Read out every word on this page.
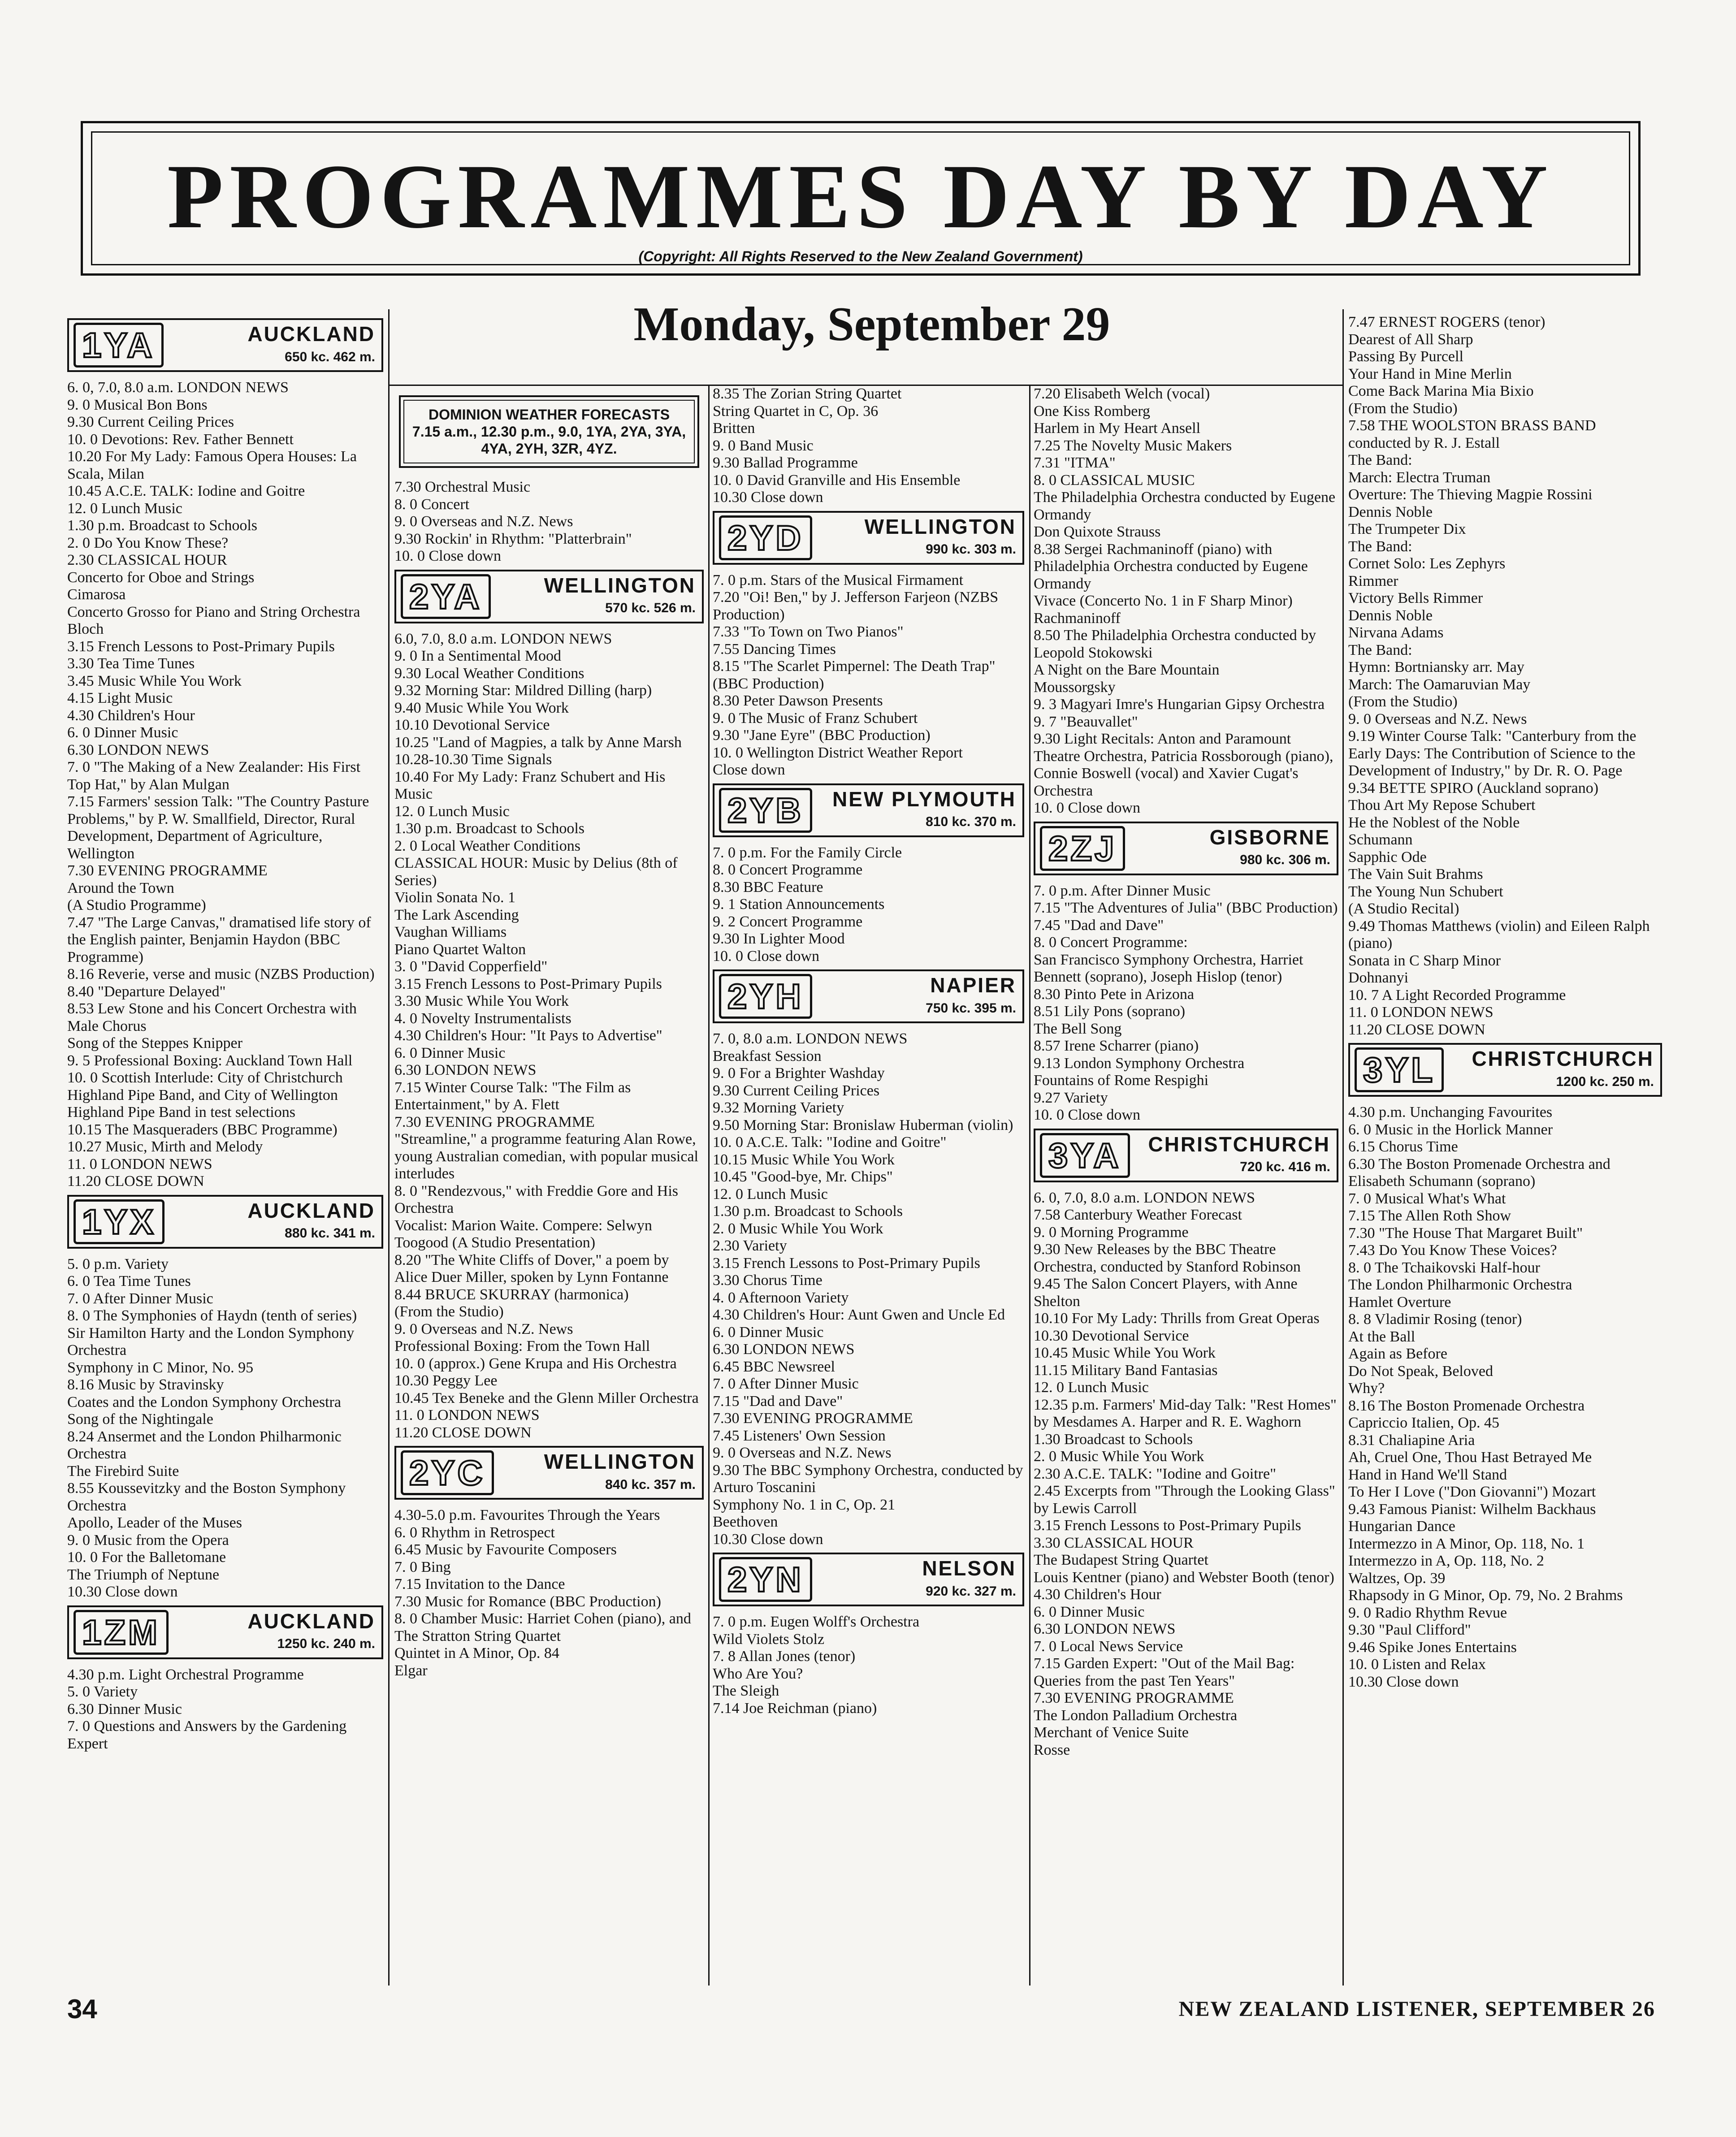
PROGRAMMES DAY BY DAY
(Copyright: All Rights Reserved to the New Zealand Government)
Monday, September 29
1YA	AUCKLAND
650 kc. 462 m.
6. 0, 7.0, 8.0 a.m. LONDON NEWS
9. 0 Musical Bon Bons
9.30 Current Ceiling Prices
10. 0 Devotions: Rev. Father Bennett
10.20 For My Lady: Famous Opera Houses: La Scala, Milan
10.45 A.C.E. TALK: Iodine and Goitre
12. 0 Lunch Music
1.30 p.m. Broadcast to Schools
2. 0 Do You Know These?
2.30 CLASSICAL HOUR
Concerto for Oboe and Strings
Cimarosa
Concerto Grosso for Piano and String Orchestra Bloch
3.15 French Lessons to Post-Primary Pupils
3.30 Tea Time Tunes
3.45 Music While You Work
4.15 Light Music
4.30 Children's Hour
6. 0 Dinner Music
6.30 LONDON NEWS
7. 0 "The Making of a New Zealander: His First Top Hat," by Alan Mulgan
7.15 Farmers' session Talk: "The Country Pasture Problems," by P. W. Smallfield, Director, Rural Development, Department of Agriculture, Wellington
7.30 EVENING PROGRAMME
Around the Town
(A Studio Programme)
7.47 "The Large Canvas," dramatised life story of the English painter, Benjamin Haydon (BBC Programme)
8.16 Reverie, verse and music (NZBS Production)
8.40 "Departure Delayed"
8.53 Lew Stone and his Concert Orchestra with Male Chorus
Song of the Steppes Knipper
9. 5 Professional Boxing: Auckland Town Hall
10. 0 Scottish Interlude: City of Christchurch Highland Pipe Band, and City of Wellington Highland Pipe Band in test selections
10.15 The Masqueraders (BBC Programme)
10.27 Music, Mirth and Melody
11. 0 LONDON NEWS
11.20 CLOSE DOWN
1YX	AUCKLAND
880 kc. 341 m.
5. 0 p.m. Variety
6. 0 Tea Time Tunes
7. 0 After Dinner Music
8. 0 The Symphonies of Haydn (tenth of series)
Sir Hamilton Harty and the London Symphony Orchestra
Symphony in C Minor, No. 95
8.16 Music by Stravinsky
Coates and the London Symphony Orchestra
Song of the Nightingale
8.24 Ansermet and the London Philharmonic Orchestra
The Firebird Suite
8.55 Koussevitzky and the Boston Symphony Orchestra
Apollo, Leader of the Muses
9. 0 Music from the Opera
10. 0 For the Balletomane
The Triumph of Neptune
10.30 Close down
1ZM	AUCKLAND
1250 kc. 240 m.
4.30 p.m. Light Orchestral Programme
5. 0 Variety
6.30 Dinner Music
7. 0 Questions and Answers by the Gardening Expert
DOMINION WEATHER FORECASTS
7.15 a.m., 12.30 p.m., 9.0, 1YA, 2YA, 3YA, 4YA, 2YH, 3ZR, 4YZ.
7.30 Orchestral Music
8. 0 Concert
9. 0 Overseas and N.Z. News
9.30 Rockin' in Rhythm: "Platterbrain"
10. 0 Close down
2YA	WELLINGTON
570 kc. 526 m.
6.0, 7.0, 8.0 a.m. LONDON NEWS
9. 0 In a Sentimental Mood
9.30 Local Weather Conditions
9.32 Morning Star: Mildred Dilling (harp)
9.40 Music While You Work
10.10 Devotional Service
10.25 "Land of Magpies, a talk by Anne Marsh
10.28-10.30 Time Signals
10.40 For My Lady: Franz Schubert and His Music
12. 0 Lunch Music
1.30 p.m. Broadcast to Schools
2. 0 Local Weather Conditions
CLASSICAL HOUR: Music by Delius (8th of Series)
Violin Sonata No. 1
The Lark Ascending
Vaughan Williams
Piano Quartet Walton
3. 0 "David Copperfield"
3.15 French Lessons to Post-Primary Pupils
3.30 Music While You Work
4. 0 Novelty Instrumentalists
4.30 Children's Hour: "It Pays to Advertise"
6. 0 Dinner Music
6.30 LONDON NEWS
7.15 Winter Course Talk: "The Film as Entertainment," by A. Flett
7.30 EVENING PROGRAMME
"Streamline," a programme featuring Alan Rowe, young Australian comedian, with popular musical interludes
8. 0 "Rendezvous," with Freddie Gore and His Orchestra
Vocalist: Marion Waite. Compere: Selwyn Toogood (A Studio Presentation)
8.20 "The White Cliffs of Dover," a poem by Alice Duer Miller, spoken by Lynn Fontanne
8.44 BRUCE SKURRAY (harmonica)
(From the Studio)
9. 0 Overseas and N.Z. News
Professional Boxing: From the Town Hall
10. 0 (approx.) Gene Krupa and His Orchestra
10.30 Peggy Lee
10.45 Tex Beneke and the Glenn Miller Orchestra
11. 0 LONDON NEWS
11.20 CLOSE DOWN
2YC	WELLINGTON
840 kc. 357 m.
4.30-5.0 p.m. Favourites Through the Years
6. 0 Rhythm in Retrospect
6.45 Music by Favourite Composers
7. 0 Bing
7.15 Invitation to the Dance
7.30 Music for Romance (BBC Production)
8. 0 Chamber Music: Harriet Cohen (piano), and The Stratton String Quartet
Quintet in A Minor, Op. 84
Elgar
8.35 The Zorian String Quartet
String Quartet in C, Op. 36
Britten
9. 0 Band Music
9.30 Ballad Programme
10. 0 David Granville and His Ensemble
10.30 Close down
2YD	WELLINGTON
990 kc. 303 m.
7. 0 p.m. Stars of the Musical Firmament
7.20 "Oi! Ben," by J. Jefferson Farjeon (NZBS Production)
7.33 "To Town on Two Pianos"
7.55 Dancing Times
8.15 "The Scarlet Pimpernel: The Death Trap" (BBC Production)
8.30 Peter Dawson Presents
9. 0 The Music of Franz Schubert
9.30 "Jane Eyre" (BBC Production)
10. 0 Wellington District Weather Report
Close down
2YB	NEW PLYMOUTH
810 kc. 370 m.
7. 0 p.m. For the Family Circle
8. 0 Concert Programme
8.30 BBC Feature
9. 1 Station Announcements
9. 2 Concert Programme
9.30 In Lighter Mood
10. 0 Close down
2YH	NAPIER
750 kc. 395 m.
7. 0, 8.0 a.m. LONDON NEWS
Breakfast Session
9. 0 For a Brighter Washday
9.30 Current Ceiling Prices
9.32 Morning Variety
9.50 Morning Star: Bronislaw Huberman (violin)
10. 0 A.C.E. Talk: "Iodine and Goitre"
10.15 Music While You Work
10.45 "Good-bye, Mr. Chips"
12. 0 Lunch Music
1.30 p.m. Broadcast to Schools
2. 0 Music While You Work
2.30 Variety
3.15 French Lessons to Post-Primary Pupils
3.30 Chorus Time
4. 0 Afternoon Variety
4.30 Children's Hour: Aunt Gwen and Uncle Ed
6. 0 Dinner Music
6.30 LONDON NEWS
6.45 BBC Newsreel
7. 0 After Dinner Music
7.15 "Dad and Dave"
7.30 EVENING PROGRAMME
7.45 Listeners' Own Session
9. 0 Overseas and N.Z. News
9.30 The BBC Symphony Orchestra, conducted by Arturo Toscanini
Symphony No. 1 in C, Op. 21
Beethoven
10.30 Close down
2YN	NELSON
920 kc. 327 m.
7. 0 p.m. Eugen Wolff's Orchestra
Wild Violets Stolz
7. 8 Allan Jones (tenor)
Who Are You?
The Sleigh
7.14 Joe Reichman (piano)
7.20 Elisabeth Welch (vocal)
One Kiss Romberg
Harlem in My Heart Ansell
7.25 The Novelty Music Makers
7.31 "ITMA"
8. 0 CLASSICAL MUSIC
The Philadelphia Orchestra conducted by Eugene Ormandy
Don Quixote Strauss
8.38 Sergei Rachmaninoff (piano) with Philadelphia Orchestra conducted by Eugene Ormandy
Vivace (Concerto No. 1 in F Sharp Minor) Rachmaninoff
8.50 The Philadelphia Orchestra conducted by Leopold Stokowski
A Night on the Bare Mountain
Moussorgsky
9. 3 Magyari Imre's Hungarian Gipsy Orchestra
9. 7 "Beauvallet"
9.30 Light Recitals: Anton and Paramount Theatre Orchestra, Patricia Rossborough (piano), Connie Boswell (vocal) and Xavier Cugat's Orchestra
10. 0 Close down
2ZJ	GISBORNE
980 kc. 306 m.
7. 0 p.m. After Dinner Music
7.15 "The Adventures of Julia" (BBC Production)
7.45 "Dad and Dave"
8. 0 Concert Programme:
San Francisco Symphony Orchestra, Harriet Bennett (soprano), Joseph Hislop (tenor)
8.30 Pinto Pete in Arizona
8.51 Lily Pons (soprano)
The Bell Song
8.57 Irene Scharrer (piano)
9.13 London Symphony Orchestra
Fountains of Rome Respighi
9.27 Variety
10. 0 Close down
3YA	CHRISTCHURCH
720 kc. 416 m.
6. 0, 7.0, 8.0 a.m. LONDON NEWS
7.58 Canterbury Weather Forecast
9. 0 Morning Programme
9.30 New Releases by the BBC Theatre Orchestra, conducted by Stanford Robinson
9.45 The Salon Concert Players, with Anne Shelton
10.10 For My Lady: Thrills from Great Operas
10.30 Devotional Service
10.45 Music While You Work
11.15 Military Band Fantasias
12. 0 Lunch Music
12.35 p.m. Farmers' Mid-day Talk: "Rest Homes" by Mesdames A. Harper and R. E. Waghorn
1.30 Broadcast to Schools
2. 0 Music While You Work
2.30 A.C.E. TALK: "Iodine and Goitre"
2.45 Excerpts from "Through the Looking Glass" by Lewis Carroll
3.15 French Lessons to Post-Primary Pupils
3.30 CLASSICAL HOUR
The Budapest String Quartet
Louis Kentner (piano) and Webster Booth (tenor)
4.30 Children's Hour
6. 0 Dinner Music
6.30 LONDON NEWS
7. 0 Local News Service
7.15 Garden Expert: "Out of the Mail Bag: Queries from the past Ten Years"
7.30 EVENING PROGRAMME
The London Palladium Orchestra
Merchant of Venice Suite
Rosse
7.47 ERNEST ROGERS (tenor)
Dearest of All Sharp
Passing By Purcell
Your Hand in Mine Merlin
Come Back Marina Mia Bixio
(From the Studio)
7.58 THE WOOLSTON BRASS BAND conducted by R. J. Estall
The Band:
March: Electra Truman
Overture: The Thieving Magpie Rossini
Dennis Noble
The Trumpeter Dix
The Band:
Cornet Solo: Les Zephyrs
Rimmer
Victory Bells Rimmer
Dennis Noble
Nirvana Adams
The Band:
Hymn: Bortniansky arr. May
March: The Oamaruvian May
(From the Studio)
9. 0 Overseas and N.Z. News
9.19 Winter Course Talk: "Canterbury from the Early Days: The Contribution of Science to the Development of Industry," by Dr. R. O. Page
9.34 BETTE SPIRO (Auckland soprano)
Thou Art My Repose Schubert
He the Noblest of the Noble
Schumann
Sapphic Ode
The Vain Suit Brahms
The Young Nun Schubert
(A Studio Recital)
9.49 Thomas Matthews (violin) and Eileen Ralph (piano)
Sonata in C Sharp Minor
Dohnanyi
10. 7 A Light Recorded Programme
11. 0 LONDON NEWS
11.20 CLOSE DOWN
3YL	CHRISTCHURCH
1200 kc. 250 m.
4.30 p.m. Unchanging Favourites
6. 0 Music in the Horlick Manner
6.15 Chorus Time
6.30 The Boston Promenade Orchestra and Elisabeth Schumann (soprano)
7. 0 Musical What's What
7.15 The Allen Roth Show
7.30 "The House That Margaret Built"
7.43 Do You Know These Voices?
8. 0 The Tchaikovski Half-hour
The London Philharmonic Orchestra
Hamlet Overture
8. 8 Vladimir Rosing (tenor)
At the Ball
Again as Before
Do Not Speak, Beloved
Why?
8.16 The Boston Promenade Orchestra
Capriccio Italien, Op. 45
8.31 Chaliapine Aria
Ah, Cruel One, Thou Hast Betrayed Me
Hand in Hand We'll Stand
To Her I Love ("Don Giovanni") Mozart
9.43 Famous Pianist: Wilhelm Backhaus
Hungarian Dance
Intermezzo in A Minor, Op. 118, No. 1
Intermezzo in A, Op. 118, No. 2
Waltzes, Op. 39
Rhapsody in G Minor, Op. 79, No. 2 Brahms
9. 0 Radio Rhythm Revue
9.30 "Paul Clifford"
9.46 Spike Jones Entertains
10. 0 Listen and Relax
10.30 Close down
34	NEW ZEALAND LISTENER, SEPTEMBER 26
